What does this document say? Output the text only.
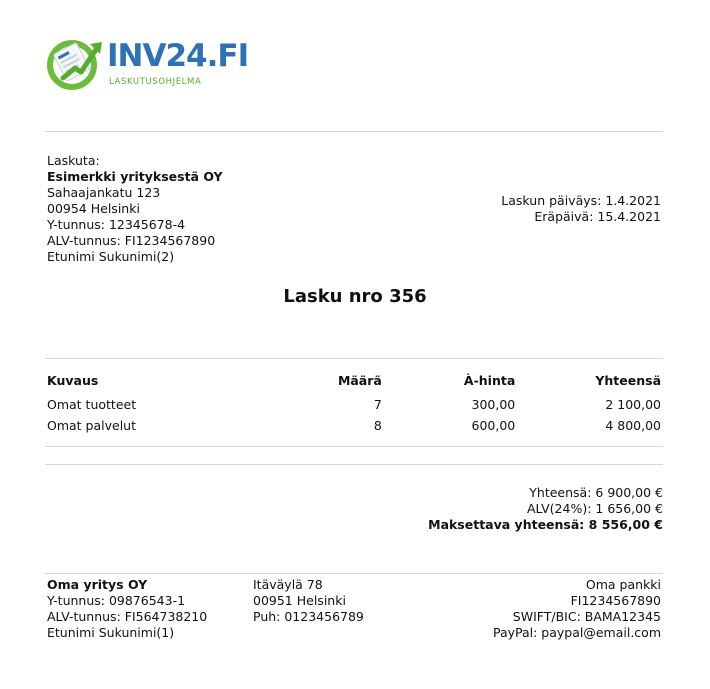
INV24.FI
LASKUTUSOHJELMA
Laskuta:
Esimerkki yrityksestä OY
Sahaajankatu 123
00954 Helsinki
Y-tunnus: 12345678-4
ALV-tunnus: FI1234567890
Etunimi Sukunimi(2)
Laskun päiväys: 1.4.2021
Eräpäivä: 15.4.2021
Lasku nro 356
Kuvaus	Määrä	À-hinta	Yhteensä
Omat tuotteet	7	300,00	2 100,00
Omat palvelut	8	600,00	4 800,00
Yhteensä: 6 900,00 €
ALV(24%): 1 656,00 €
Maksettava yhteensä: 8 556,00 €
Oma yritys OY
Y-tunnus: 09876543-1
ALV-tunnus: FI564738210
Etunimi Sukunimi(1)
Itäväylä 78
00951 Helsinki
Puh: 0123456789
Oma pankki
FI1234567890
SWIFT/BIC: BAMA12345
PayPal: paypal@email.com
